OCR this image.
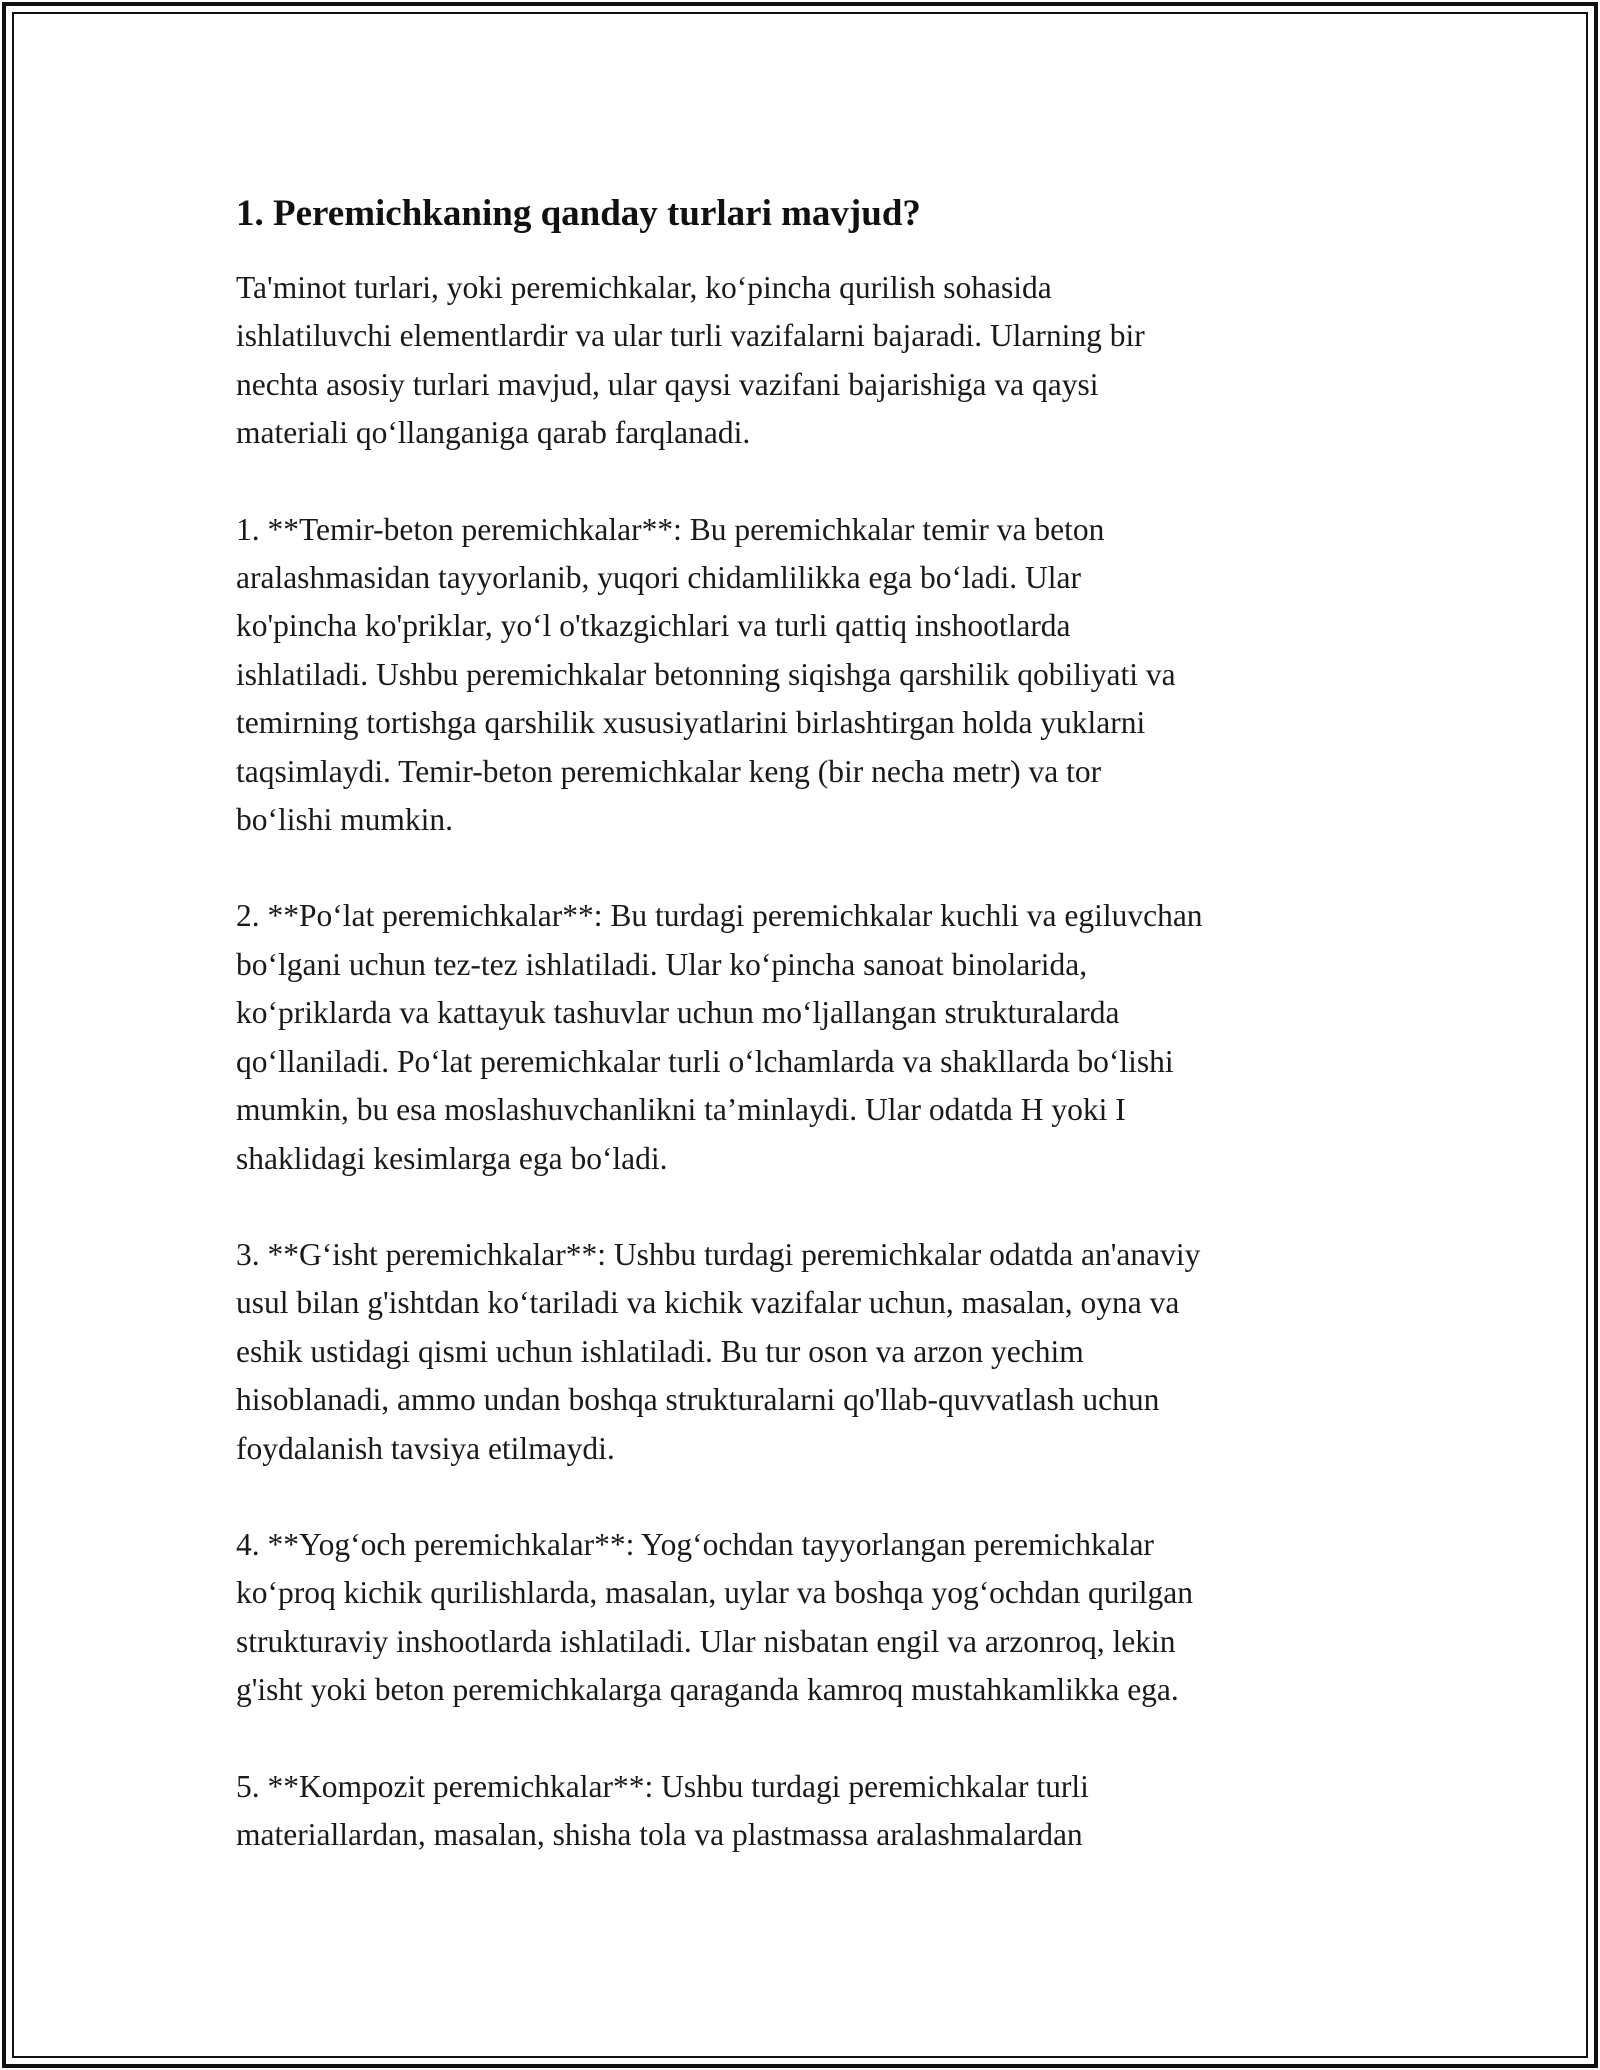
1. Peremichkaning qanday turlari mavjud?

Ta'minot turlari, yoki peremichkalar, ko‘pincha qurilish sohasida
ishlatiluvchi elementlardir va ular turli vazifalarni bajaradi. Ularning bir
nechta asosiy turlari mavjud, ular qaysi vazifani bajarishiga va qaysi
materiali qo‘llanganiga qarab farqlanadi.

1. **Temir-beton peremichkalar**: Bu peremichkalar temir va beton
aralashmasidan tayyorlanib, yuqori chidamlilikka ega bo‘ladi. Ular
ko'pincha ko'priklar, yo‘l o'tkazgichlari va turli qattiq inshootlarda
ishlatiladi. Ushbu peremichkalar betonning siqishga qarshilik qobiliyati va
temirning tortishga qarshilik xususiyatlarini birlashtirgan holda yuklarni
taqsimlaydi. Temir-beton peremichkalar keng (bir necha metr) va tor
bo‘lishi mumkin.

2. **Po‘lat peremichkalar**: Bu turdagi peremichkalar kuchli va egiluvchan
bo‘lgani uchun tez-tez ishlatiladi. Ular ko‘pincha sanoat binolarida,
ko‘priklarda va kattayuk tashuvlar uchun mo‘ljallangan strukturalarda
qo‘llaniladi. Po‘lat peremichkalar turli o‘lchamlarda va shakllarda bo‘lishi
mumkin, bu esa moslashuvchanlikni ta’minlaydi. Ular odatda H yoki I
shaklidagi kesimlarga ega bo‘ladi.

3. **G‘isht peremichkalar**: Ushbu turdagi peremichkalar odatda an'anaviy
usul bilan g'ishtdan ko‘tariladi va kichik vazifalar uchun, masalan, oyna va
eshik ustidagi qismi uchun ishlatiladi. Bu tur oson va arzon yechim
hisoblanadi, ammo undan boshqa strukturalarni qo'llab-quvvatlash uchun
foydalanish tavsiya etilmaydi.

4. **Yog‘och peremichkalar**: Yog‘ochdan tayyorlangan peremichkalar
ko‘proq kichik qurilishlarda, masalan, uylar va boshqa yog‘ochdan qurilgan
strukturaviy inshootlarda ishlatiladi. Ular nisbatan engil va arzonroq, lekin
g'isht yoki beton peremichkalarga qaraganda kamroq mustahkamlikka ega.

5. **Kompozit peremichkalar**: Ushbu turdagi peremichkalar turli
materiallardan, masalan, shisha tola va plastmassa aralashmalardan
